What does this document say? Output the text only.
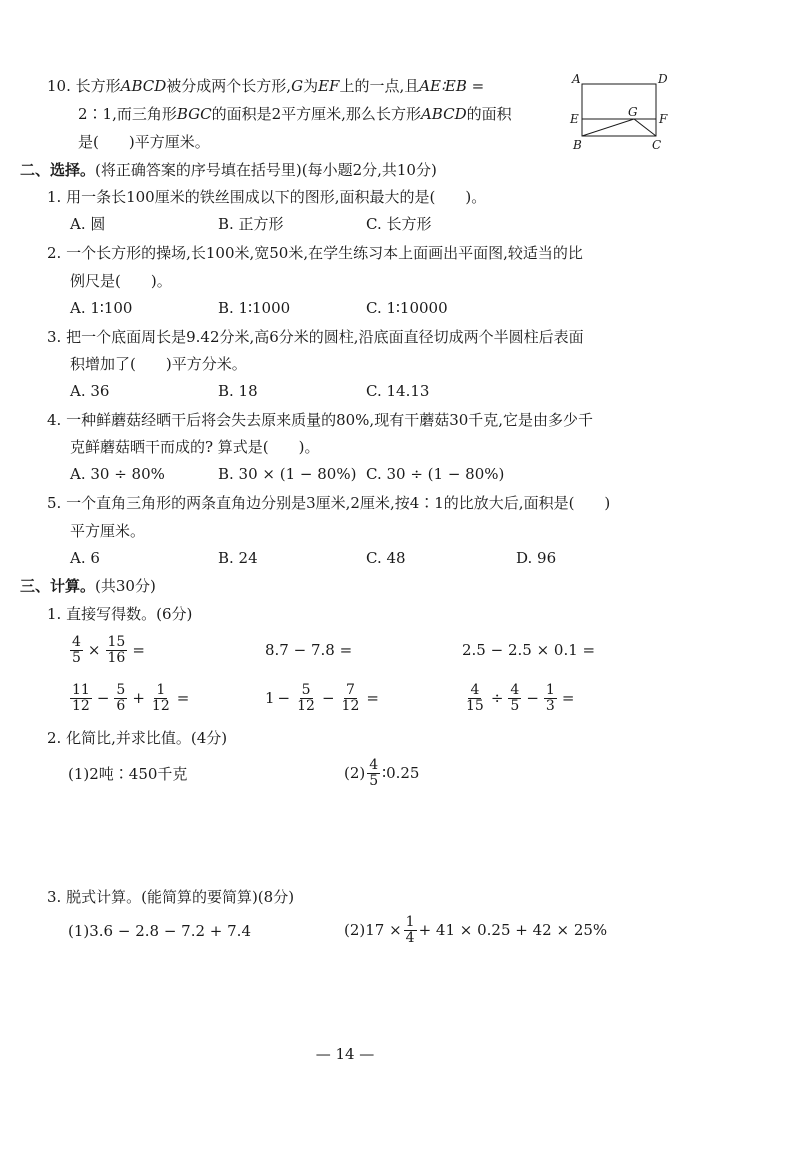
10. 长方形ABCD被分成两个长方形,G为EF上的一点,且AE∶EB =
2∶1,而三角形BGC的面积是2平方厘米,那么长方形ABCD的面积
是(　　)平方厘米。
A	D
E	G F
B	C
二、选择。(将正确答案的序号填在括号里)(每小题2分,共10分)
1. 用一条长100厘米的铁丝围成以下的图形,面积最大的是(　　)。
A. 圆	B. 正方形	C. 长方形
2. 一个长方形的操场,长100米,宽50米,在学生练习本上面画出平面图,较适当的比
例尺是(　　)。
A. 1∶100	B. 1∶1000	C. 1∶10000
3. 把一个底面周长是9.42分米,高6分米的圆柱,沿底面直径切成两个半圆柱后表面
积增加了(　　)平方分米。
A. 36	B. 18	C. 14.13
4. 一种鲜蘑菇经晒干后将会失去原来质量的80%,现有干蘑菇30千克,它是由多少千
克鲜蘑菇晒干而成的? 算式是(　　)。
A. 30 ÷ 80%	B. 30 × (1 − 80%) C. 30 ÷ (1 − 80%)
5. 一个直角三角形的两条直角边分别是3厘米,2厘米,按4∶1的比放大后,面积是(　　)
平方厘米。
A. 6	B. 24	C. 48	D. 96
三、计算。(共30分)
1. 直接写得数。(6分)
$\frac{4}{5} \times \frac{15}{16}$ =	8.7 − 7.8 =	2.5 − 2.5 × 0.1 =
$\frac{11}{12} - \frac{5}{6} + \frac{1}{12}$ =	$1 - \frac{5}{12} - \frac{7}{12}$ =	$\frac{4}{15} \div \frac{4}{5} - \frac{1}{3}$ =
2. 化简比,并求比值。(4分)
(1)2吨∶450千克	$(2) \frac{4}{5}$ ∶0.25
3. 脱式计算。(能简算的要简算)(8分)
(1)3.6 − 2.8 − 7.2 + 7.4	$(2)17 \times \frac{1}{4} + 41 \times 0.25 + 42 \times 25\%$
— 14 —
